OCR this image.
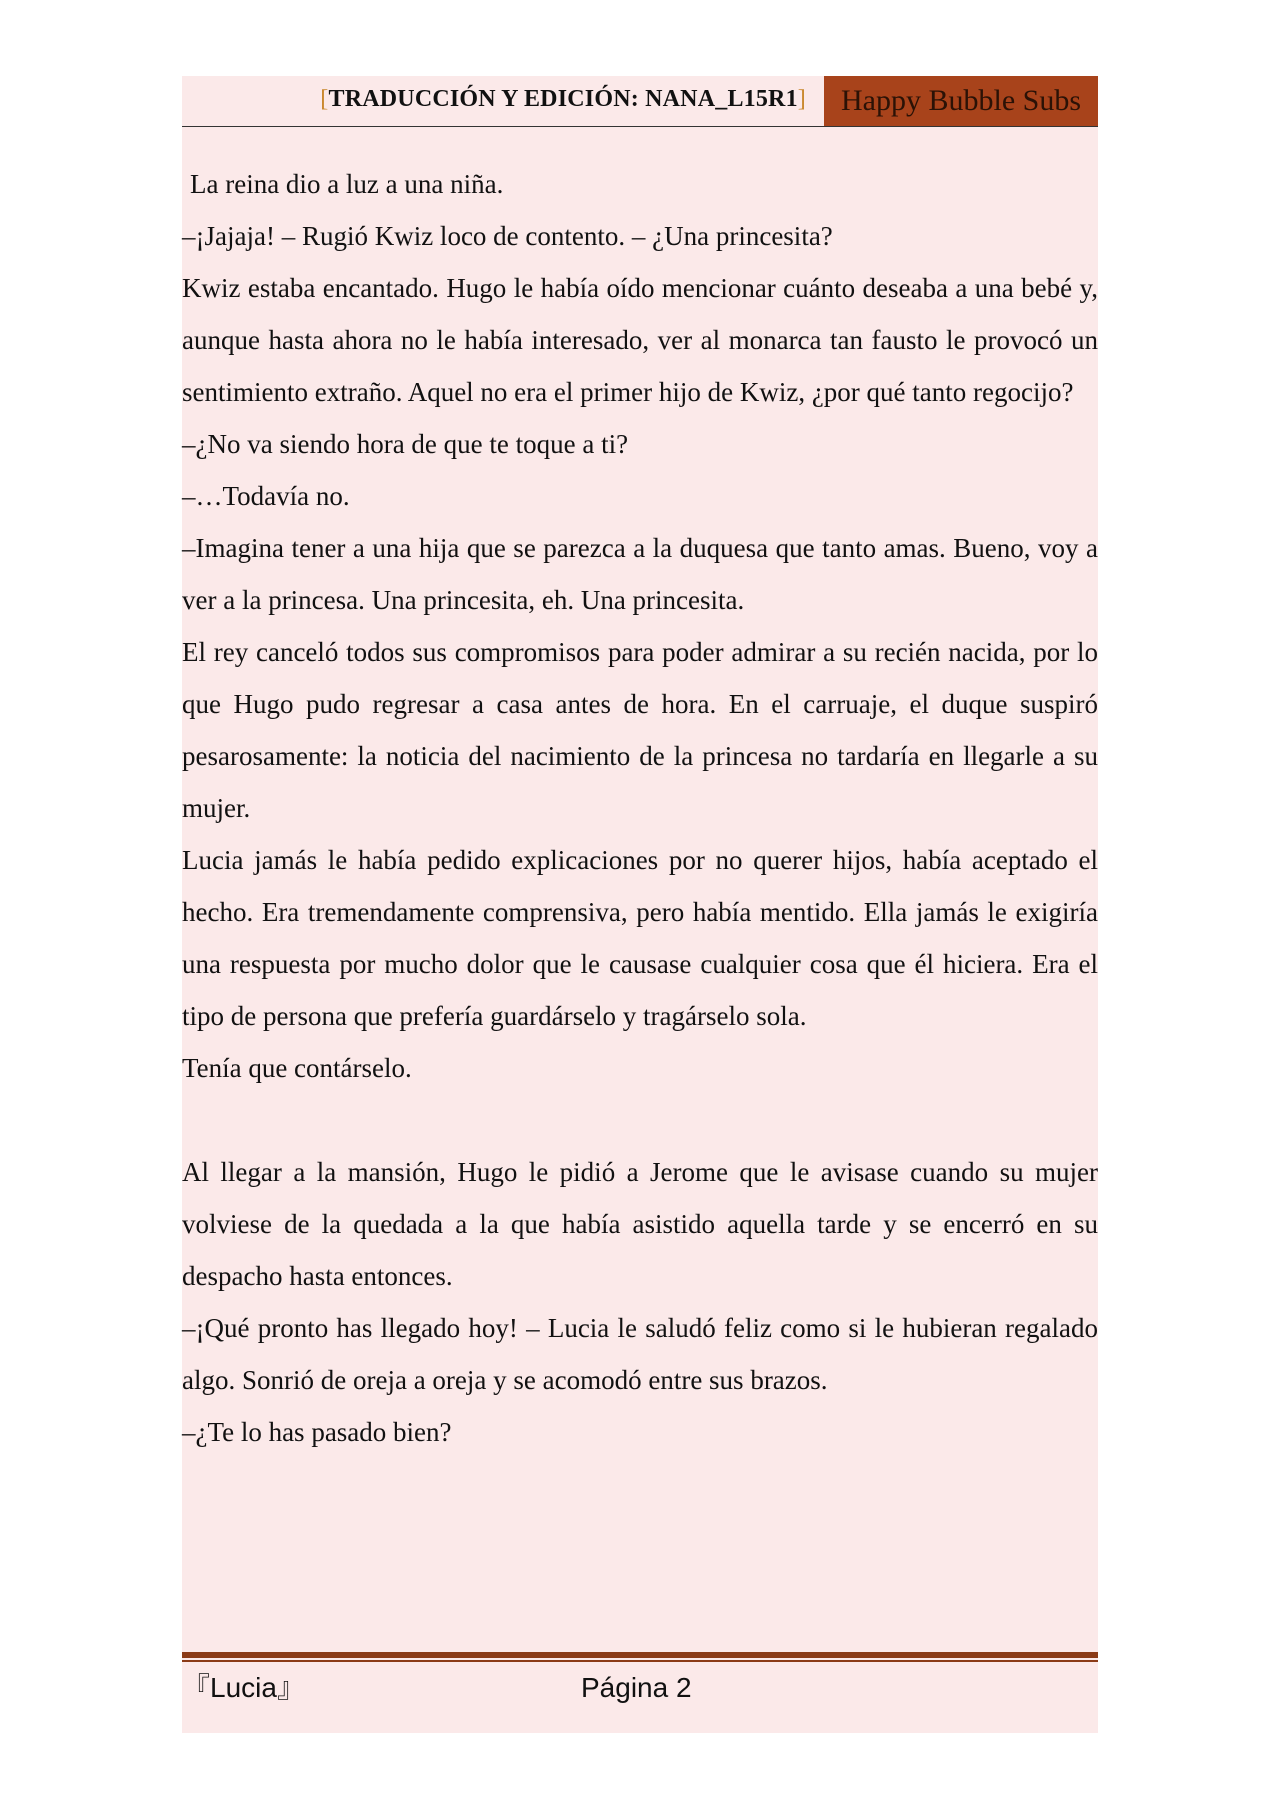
[TRADUCCIÓN Y EDICIÓN: NANA_L15R1]	Happy Bubble Subs

La reina dio a luz a una niña.

–¡Jajaja! – Rugió Kwiz loco de contento. – ¿Una princesita?

Kwiz estaba encantado. Hugo le había oído mencionar cuánto deseaba a una bebé y, aunque hasta ahora no le había interesado, ver al monarca tan fausto le provocó un sentimiento extraño. Aquel no era el primer hijo de Kwiz, ¿por qué tanto regocijo?

–¿No va siendo hora de que te toque a ti?

–…Todavía no.

–Imagina tener a una hija que se parezca a la duquesa que tanto amas. Bueno, voy a ver a la princesa. Una princesita, eh. Una princesita.

El rey canceló todos sus compromisos para poder admirar a su recién nacida, por lo que Hugo pudo regresar a casa antes de hora. En el carruaje, el duque suspiró pesarosamente: la noticia del nacimiento de la princesa no tardaría en llegarle a su mujer.

Lucia jamás le había pedido explicaciones por no querer hijos, había aceptado el hecho. Era tremendamente comprensiva, pero había mentido. Ella jamás le exigiría una respuesta por mucho dolor que le causase cualquier cosa que él hiciera. Era el tipo de persona que prefería guardárselo y tragárselo sola.

Tenía que contárselo.

Al llegar a la mansión, Hugo le pidió a Jerome que le avisase cuando su mujer volviese de la quedada a la que había asistido aquella tarde y se encerró en su despacho hasta entonces.

–¡Qué pronto has llegado hoy! – Lucia le saludó feliz como si le hubieran regalado algo. Sonrió de oreja a oreja y se acomodó entre sus brazos.

–¿Te lo has pasado bien?

『Lucia』	Página 2
